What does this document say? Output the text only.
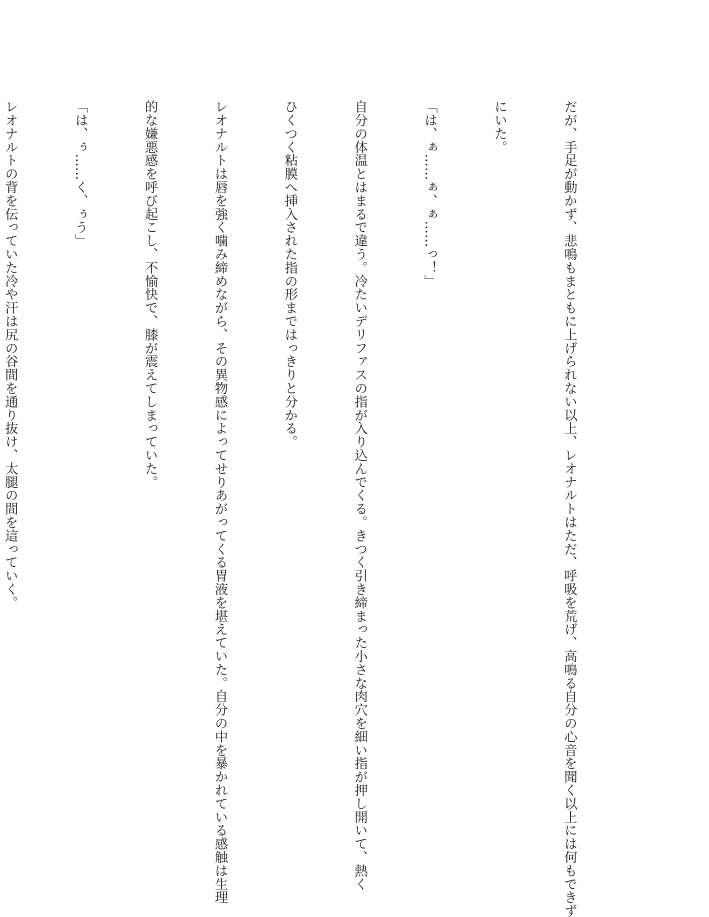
だが、手足が動かず、悲鳴もまともに上げられない以上、レオナルトはただ、呼吸を荒げ、高鳴る自分の心音を聞く以上には何もできず

にいた。

「は、ぁ……ぁ、ぁ……っ！」

自分の体温とはまるで違う。冷たいデリファスの指が入り込んでくる。きつく引き締まった小さな肉穴を細い指が押し開いて、熱く

ひくつく粘膜へ挿入された指の形まではっきりと分かる。

レオナルトは唇を強く噛み締めながら、その異物感によってせりあがってくる胃液を堪えていた。自分の中を暴かれている感触は生理

的な嫌悪感を呼び起こし、不愉快で、膝が震えてしまっていた。

「は、ぅ……く、ぅう」

レオナルトの背を伝っていた冷や汗は尻の谷間を通り抜け、太腿の間を這っていく。
